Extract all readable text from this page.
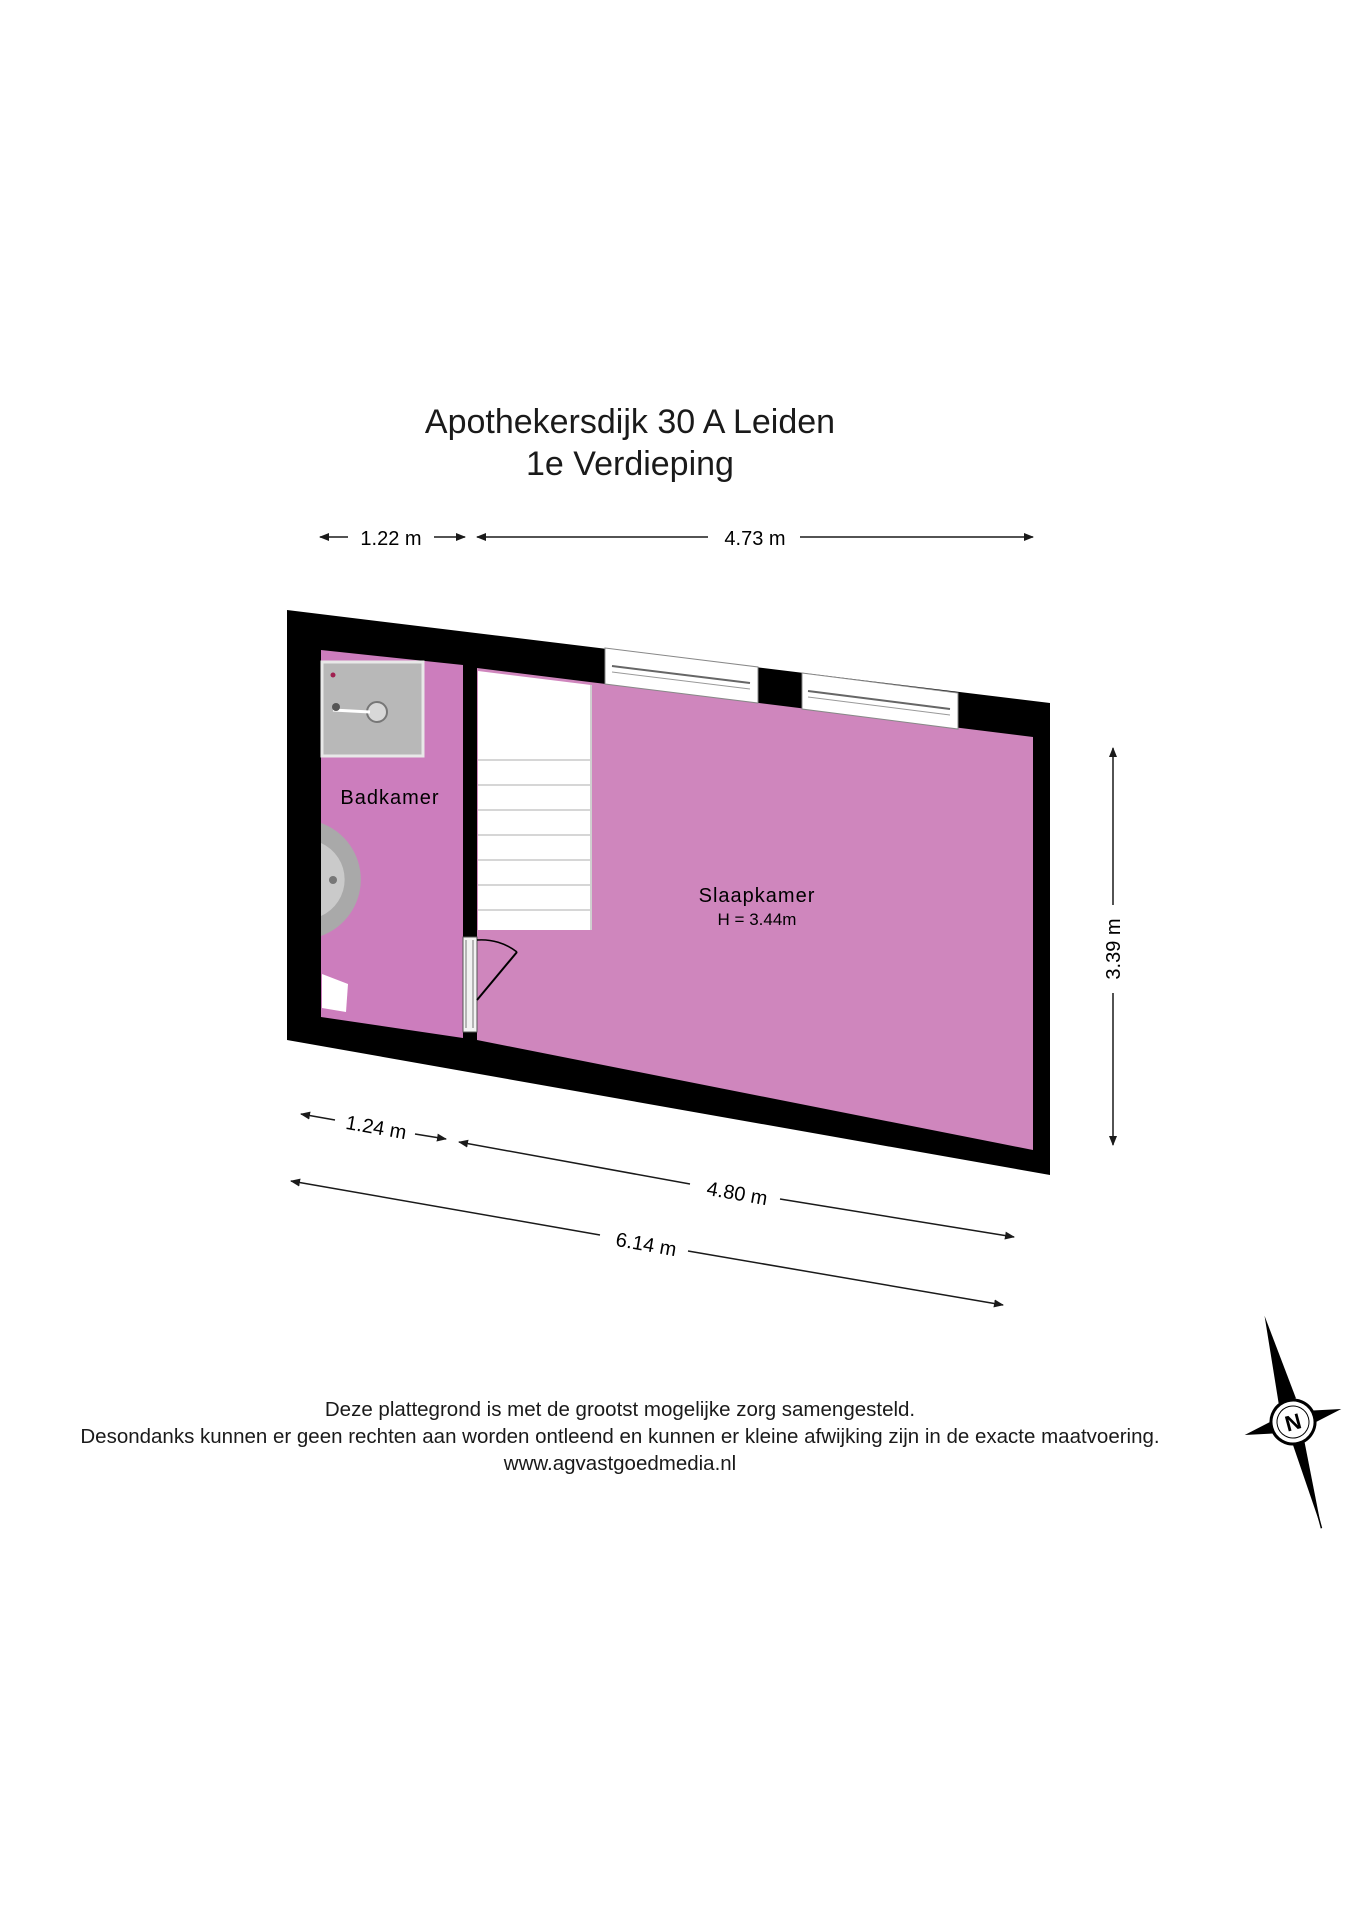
Apothekersdijk 30 A Leiden
1e Verdieping
Badkamer
Slaapkamer
H = 3.44m
1.22 m	4.73 m
3.39 m
1.24 m
4.80 m
6.14 m
N
Deze plattegrond is met de grootst mogelijke zorg samengesteld.
Desondanks kunnen er geen rechten aan worden ontleend en kunnen er kleine afwijking zijn in de exacte maatvoering.
www.agvastgoedmedia.nl
